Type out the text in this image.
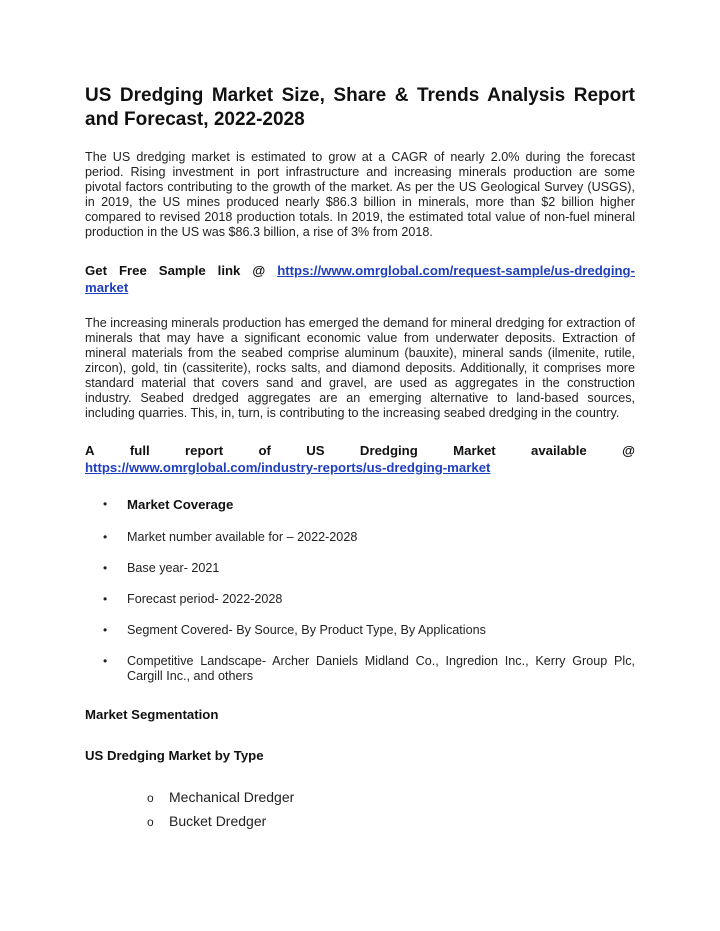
US Dredging Market Size, Share & Trends Analysis Report and Forecast, 2022-2028

The US dredging market is estimated to grow at a CAGR of nearly 2.0% during the forecast period. Rising investment in port infrastructure and increasing minerals production are some pivotal factors contributing to the growth of the market. As per the US Geological Survey (USGS), in 2019, the US mines produced nearly $86.3 billion in minerals, more than $2 billion higher compared to revised 2018 production totals. In 2019, the estimated total value of non-fuel mineral production in the US was $86.3 billion, a rise of 3% from 2018.

Get Free Sample link @ https://www.omrglobal.com/request-sample/us-dredging-market

The increasing minerals production has emerged the demand for mineral dredging for extraction of minerals that may have a significant economic value from underwater deposits. Extraction of mineral materials from the seabed comprise aluminum (bauxite), mineral sands (ilmenite, rutile, zircon), gold, tin (cassiterite), rocks salts, and diamond deposits. Additionally, it comprises more standard material that covers sand and gravel, are used as aggregates in the construction industry. Seabed dredged aggregates are an emerging alternative to land-based sources, including quarries. This, in, turn, is contributing to the increasing seabed dredging in the country.

A	full	report	of	US	Dredging	Market	available	@
https://www.omrglobal.com/industry-reports/us-dredging-market
• Market Coverage
• Market number available for – 2022-2028
• Base year- 2021
• Forecast period- 2022-2028
• Segment Covered- By Source, By Product Type, By Applications
• Competitive Landscape- Archer Daniels Midland Co., Ingredion Inc., Kerry Group Plc, Cargill Inc., and others
Market Segmentation
US Dredging Market by Type
o Mechanical Dredger
o Bucket Dredger
